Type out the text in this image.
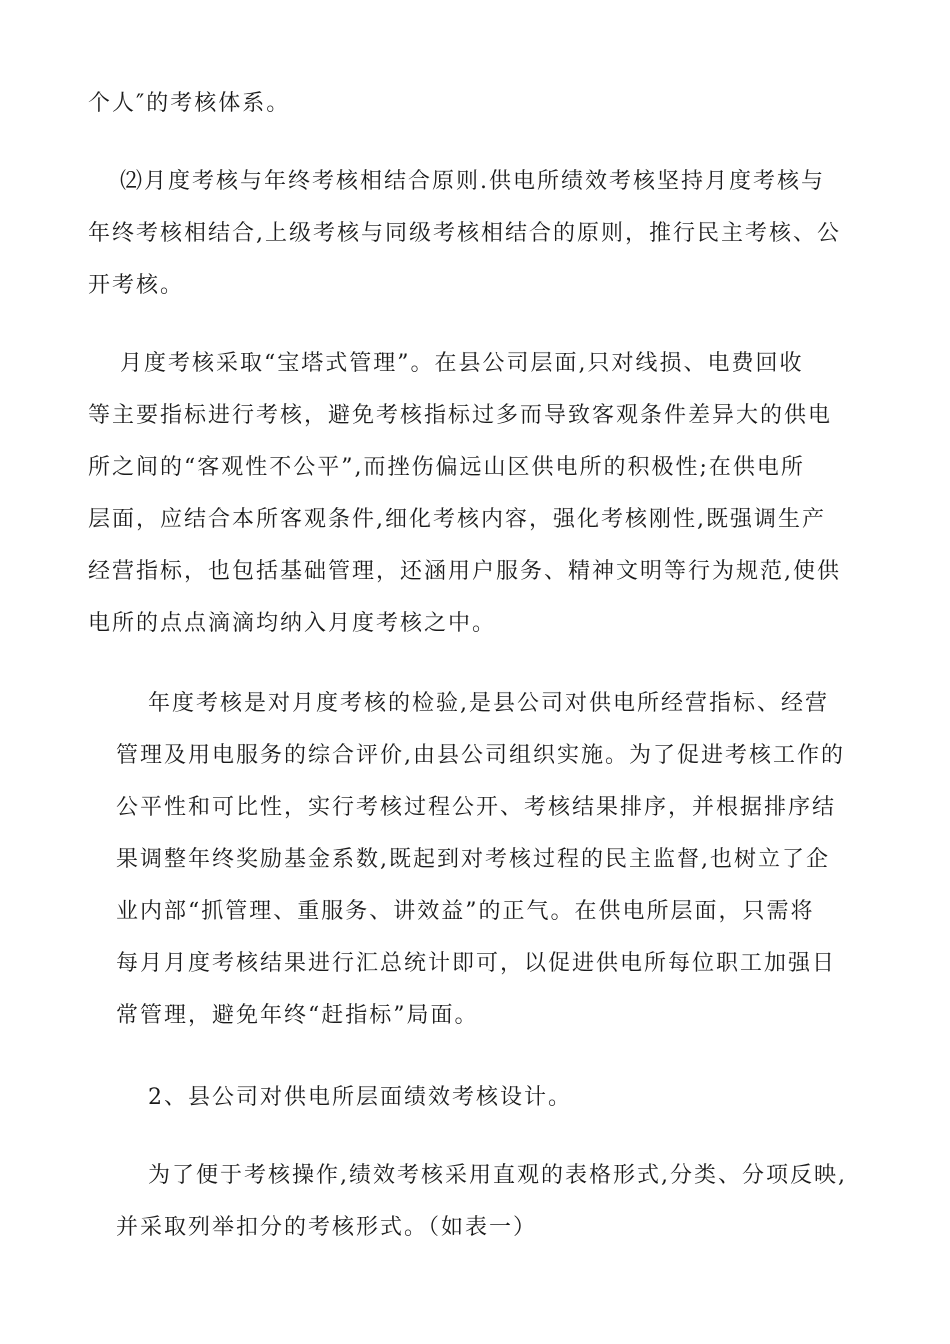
个人″的考核体系。

⑵月度考核与年终考核相结合原则.供电所绩效考核坚持月度考核与
年终考核相结合,上级考核与同级考核相结合的原则，推行民主考核、公
开考核。

月度考核采取“宝塔式管理”。在县公司层面,只对线损、电费回收
等主要指标进行考核，避免考核指标过多而导致客观条件差异大的供电
所之间的“客观性不公平”,而挫伤偏远山区供电所的积极性;在供电所
层面，应结合本所客观条件,细化考核内容，强化考核刚性,既强调生产
经营指标，也包括基础管理，还涵用户服务、精神文明等行为规范,使供
电所的点点滴滴均纳入月度考核之中。

年度考核是对月度考核的检验,是县公司对供电所经营指标、经营
管理及用电服务的综合评价,由县公司组织实施。为了促进考核工作的
公平性和可比性，实行考核过程公开、考核结果排序，并根据排序结
果调整年终奖励基金系数,既起到对考核过程的民主监督,也树立了企
业内部“抓管理、重服务、讲效益”的正气。在供电所层面，只需将
每月月度考核结果进行汇总统计即可，以促进供电所每位职工加强日
常管理，避免年终“赶指标”局面。

2、县公司对供电所层面绩效考核设计。

为了便于考核操作,绩效考核采用直观的表格形式,分类、分项反映,
并采取列举扣分的考核形式。（如表一）
